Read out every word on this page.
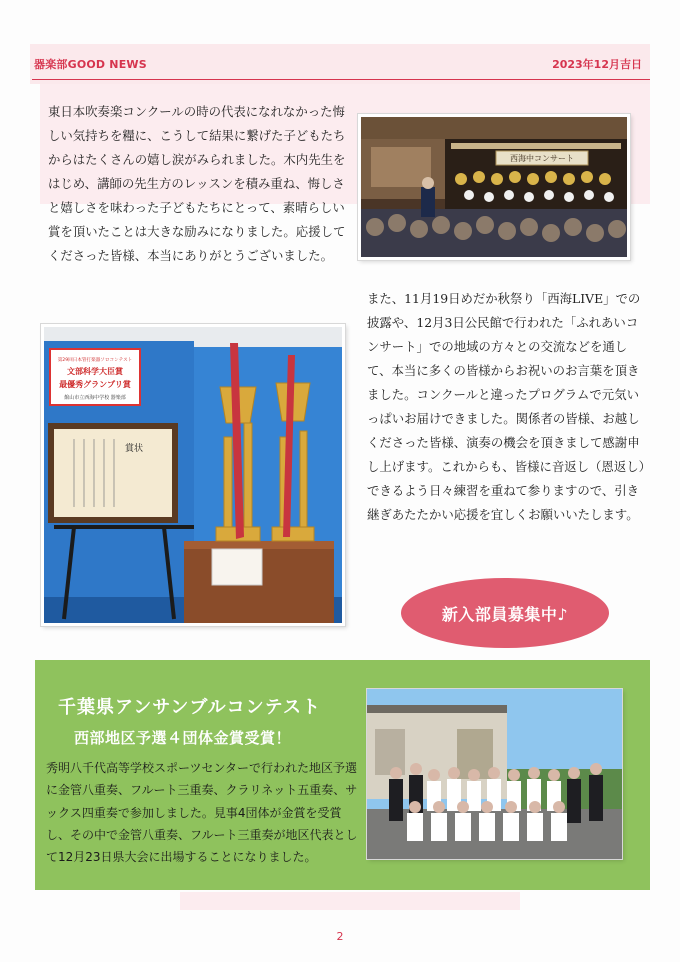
器楽部GOOD NEWS	2023年12月吉日
東日本吹奏楽コンクールの時の代表になれなかった悔しい気持ちを糧に、こうして結果に繋げた子どもたちからはたくさんの嬉し涙がみられました。木内先生をはじめ、講師の先生方のレッスンを積み重ね、悔しさと嬉しさを味わった子どもたちにとって、素晴らしい賞を頂いたことは大きな励みになりました。応援してくださった皆様、本当にありがとうございました。
西海中コンサート
第29回日本管打楽器ソロコンテスト
文部科学大臣賞
最優秀グランプリ賞
館山市立西海中学校 器楽部
賞状
また、11月19日めだか秋祭り「西海LIVE」での披露や、12月3日公民館で行われた「ふれあいコンサート」での地域の方々との交流などを通して、本当に多くの皆様からお祝いのお言葉を頂きました。コンクールと違ったプログラムで元気いっぱいお届けできました。関係者の皆様、お越しくださった皆様、演奏の機会を頂きまして感謝申し上げます。これからも、皆様に音返し（恩返し）できるよう日々練習を重ねて参りますので、引き継ぎあたたかい応援を宜しくお願いいたします。
新入部員募集中♪
千葉県アンサンブルコンテスト
西部地区予選４団体金賞受賞！
秀明八千代高等学校スポーツセンターで行われた地区予選に金管八重奏、フルート三重奏、クラリネット五重奏、サックス四重奏で参加しました。見事4団体が金賞を受賞し、その中で金管八重奏、フルート三重奏が地区代表として12月23日県大会に出場することになりました。
2
